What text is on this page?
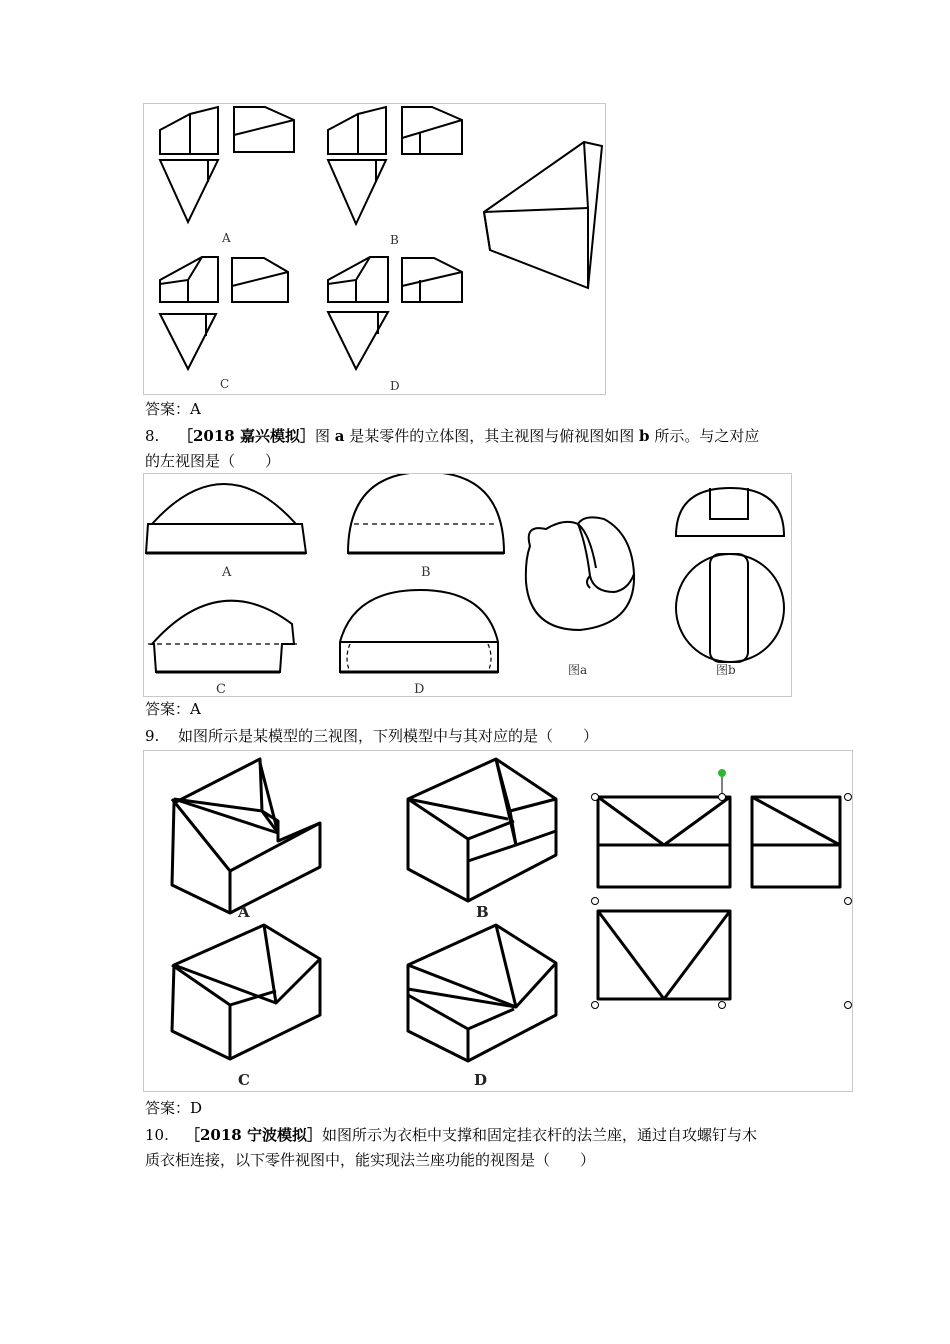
A	B
C	D
答案：A
8. ［2018 嘉兴模拟］图 a 是某零件的立体图，其主视图与俯视图如图 b 所示。与之对应
的左视图是（　　）
A	B
C	D
图a	图b
答案：A
9. 如图所示是某模型的三视图，下列模型中与其对应的是（　　）
A	B
C	D
答案：D
10. ［2018 宁波模拟］如图所示为衣柜中支撑和固定挂衣杆的法兰座，通过自攻螺钉与木
质衣柜连接，以下零件视图中，能实现法兰座功能的视图是（　　）
